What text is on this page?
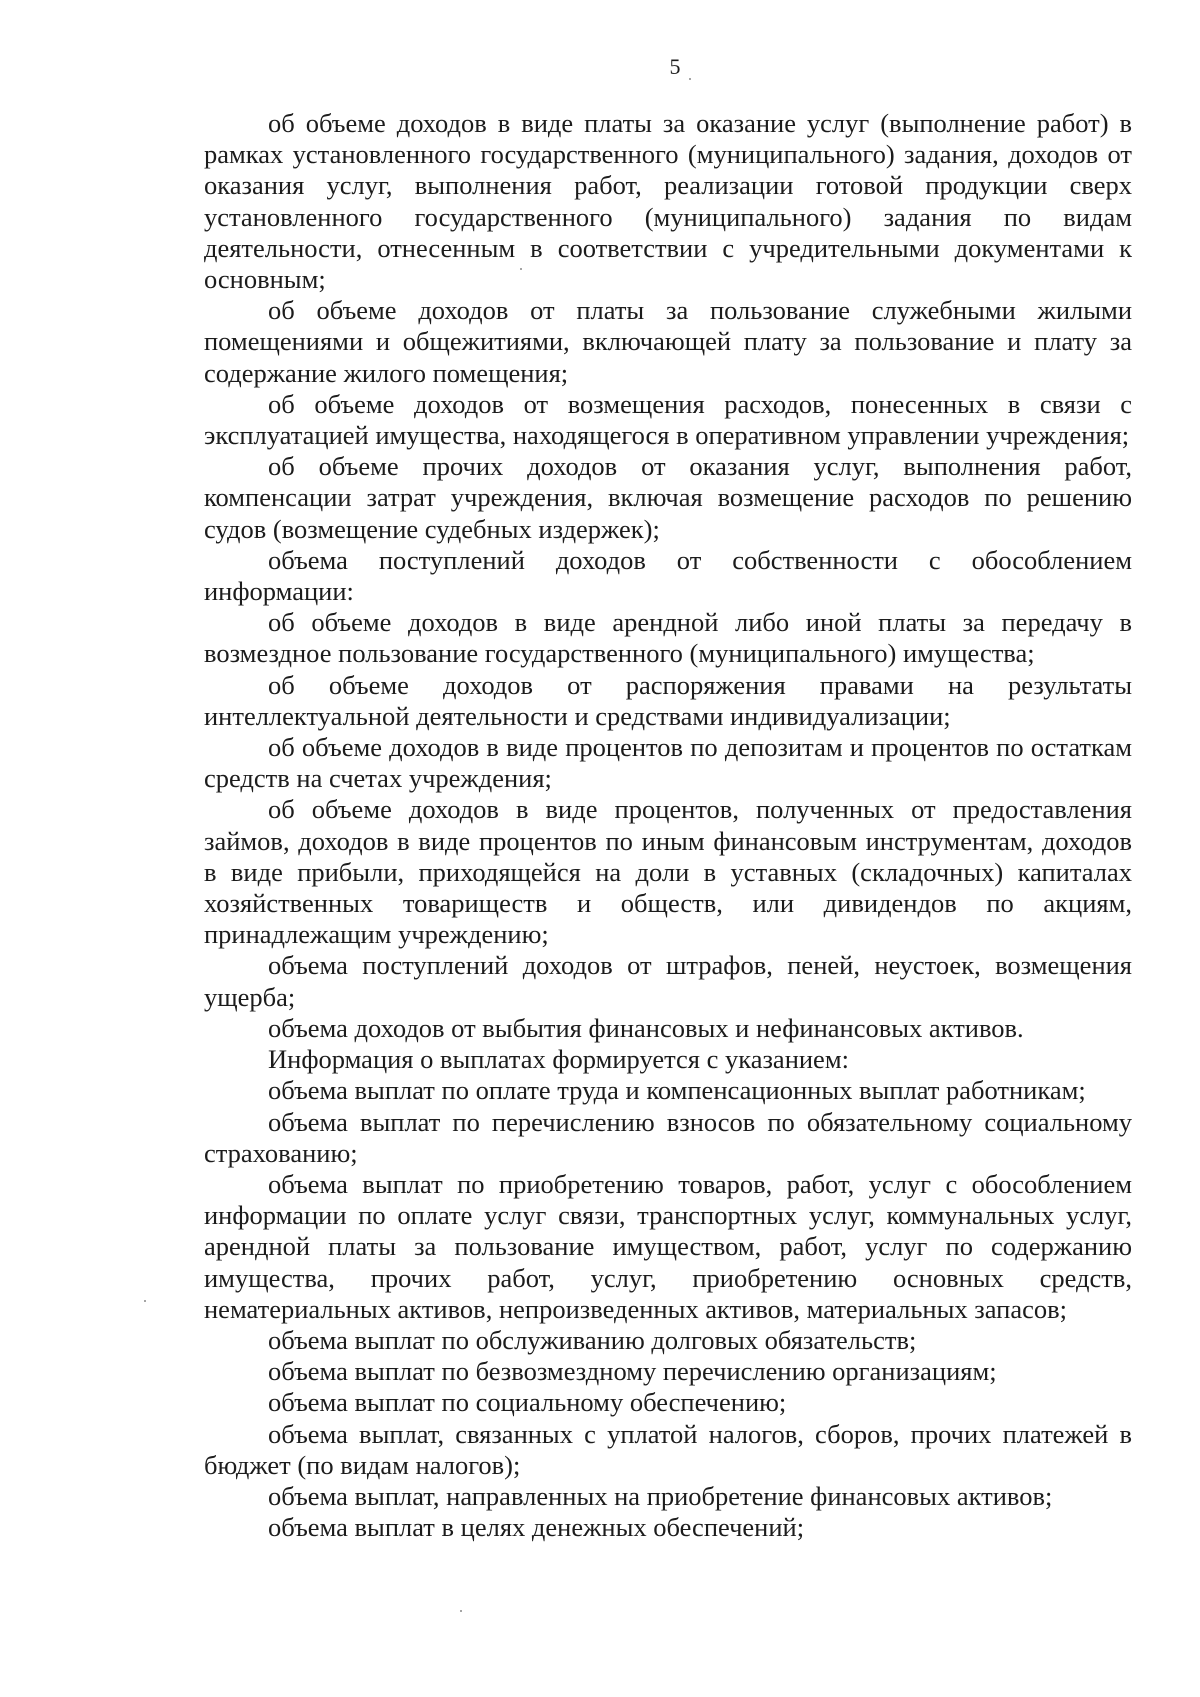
5

об объеме доходов в виде платы за оказание услуг (выполнение работ) в рамках установленного государственного (муниципального) задания, доходов от оказания услуг, выполнения работ, реализации готовой продукции сверх установленного государственного (муниципального) задания по видам деятельности, отнесенным в соответствии с учредительными документами к основным;

об объеме доходов от платы за пользование служебными жилыми помещениями и общежитиями, включающей плату за пользование и плату за содержание жилого помещения;

об объеме доходов от возмещения расходов, понесенных в связи с эксплуатацией имущества, находящегося в оперативном управлении учреждения;

об объеме прочих доходов от оказания услуг, выполнения работ, компенсации затрат учреждения, включая возмещение расходов по решению судов (возмещение судебных издержек);

объема поступлений доходов от собственности с обособлением информации:

об объеме доходов в виде арендной либо иной платы за передачу в возмездное пользование государственного (муниципального) имущества;

об объеме доходов от распоряжения правами на результаты интеллектуальной деятельности и средствами индивидуализации;

об объеме доходов в виде процентов по депозитам и процентов по остаткам средств на счетах учреждения;

об объеме доходов в виде процентов, полученных от предоставления займов, доходов в виде процентов по иным финансовым инструментам, доходов в виде прибыли, приходящейся на доли в уставных (складочных) капиталах хозяйственных товариществ и обществ, или дивидендов по акциям, принадлежащим учреждению;

объема поступлений доходов от штрафов, пеней, неустоек, возмещения ущерба;

объема доходов от выбытия финансовых и нефинансовых активов.

Информация о выплатах формируется с указанием:

объема выплат по оплате труда и компенсационных выплат работникам;

объема выплат по перечислению взносов по обязательному социальному страхованию;

объема выплат по приобретению товаров, работ, услуг с обособлением информации по оплате услуг связи, транспортных услуг, коммунальных услуг, арендной платы за пользование имуществом, работ, услуг по содержанию имущества, прочих работ, услуг, приобретению основных средств, нематериальных активов, непроизведенных активов, материальных запасов;

объема выплат по обслуживанию долговых обязательств;

объема выплат по безвозмездному перечислению организациям;

объема выплат по социальному обеспечению;

объема выплат, связанных с уплатой налогов, сборов, прочих платежей в бюджет (по видам налогов);

объема выплат, направленных на приобретение финансовых активов;

объема выплат в целях денежных обеспечений;
